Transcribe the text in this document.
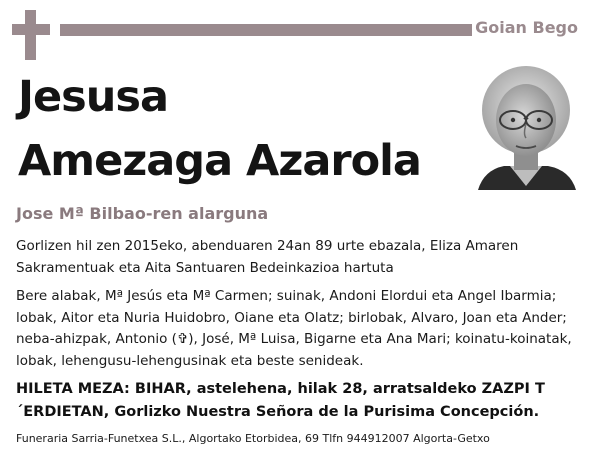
Goian Bego
Jesusa
Amezaga Azarola
Jose Mª Bilbao-ren alarguna
Gorlizen hil zen 2015eko, abenduaren 24an 89 urte ebazala, Eliza Amaren Sakramentuak eta Aita Santuaren Bedeinkazioa hartuta
Bere alabak, Mª Jesús eta Mª Carmen; suinak, Andoni Elordui eta Angel Ibarmia; lobak, Aitor eta Nuria Huidobro, Oiane eta Olatz; birlobak, Alvaro, Joan eta Ander; neba-ahizpak, Antonio (✞), José, Mª Luisa, Bigarne eta Ana Mari; koinatu-koinatak, lobak, lehengusu-lehengusinak eta beste senideak.
HILETA MEZA: BIHAR, astelehena, hilak 28, arratsaldeko ZAZPI T´ERDIETAN, Gorlizko Nuestra Señora de la Purisima Concepción.
Funeraria Sarria-Funetxea S.L., Algortako Etorbidea, 69 Tlfn 944912007 Algorta-Getxo
